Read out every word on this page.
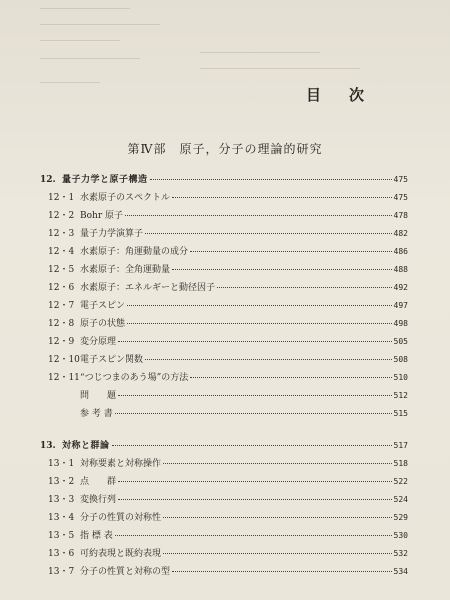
目次
第Ⅳ部　原子，分子の理論的研究
12. 量子力学と原子構造	475
12・1 水素原子のスペクトル	475
12・2 Bohr 原子	478
12・3 量子力学演算子	482
12・4 水素原子：角運動量の成分	486
12・5 水素原子：全角運動量	488
12・6 水素原子：エネルギーと動径因子	492
12・7 電子スピン	497
12・8 原子の状態	498
12・9 変分原理	505
12・10 電子スピン関数	508
12・11 “つじつまのあう場”の方法	510
問　　題	512
参 考 書	515
13. 対称と群論	517
13・1 対称要素と対称操作	518
13・2 点　　群	522
13・3 変換行列	524
13・4 分子の性質の対称性	529
13・5 指 標 表	530
13・6 可約表現と既約表現	532
13・7 分子の性質と対称の型	534
